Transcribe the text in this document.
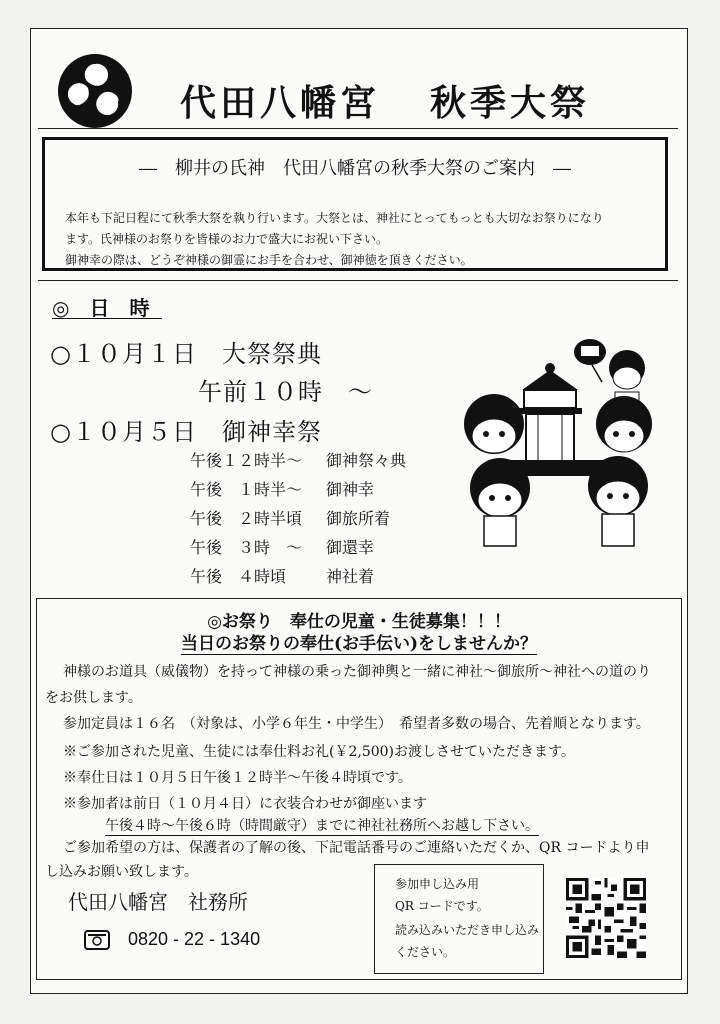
代田八幡宮 秋季大祭
―　柳井の氏神　代田八幡宮の秋季大祭のご案内　―
本年も下記日程にて秋季大祭を執り行います。大祭とは、神社にとってもっとも大切なお祭りになり
ます。氏神様のお祭りを皆様のお力で盛大にお祝い下さい。
御神幸の際は、どうぞ神様の御霊にお手を合わせ、御神徳を頂きください。
◎　日　時
○１０月１日　大祭祭典
午前１０時　～
○１０月５日　御神幸祭
午後１２時半～ 御神祭々典
午後　１時半～ 御神幸
午後　２時半頃 御旅所着
午後　３時　～ 御還幸
午後　４時頃 神社着
◎お祭り　奉仕の児童・生徒募集！！！
当日のお祭りの奉仕(お手伝い)をしませんか？
神様のお道具（威儀物）を持って神様の乗った御神輿と一緒に神社～御旅所～神社への道のり
をお供します。
参加定員は１６名　（対象は、小学６年生・中学生）　希望者多数の場合、先着順となります。
※ご参加された児童、生徒には奉仕料お礼(￥2,500)お渡しさせていただきます。
※奉仕日は１０月５日午後１２時半～午後４時頃です。
※参加者は前日（１０月４日）に衣装合わせが御座います
午後４時～午後６時（時間厳守）までに神社社務所へお越し下さい。
ご参加希望の方は、保護者の了解の後、下記電話番号のご連絡いただくか、QR コードより申
し込みお願い致します。
代田八幡宮　社務所
0820 - 22 - 1340
参加申し込み用
QR コードです。
読み込みいただき申し込み
ください。
